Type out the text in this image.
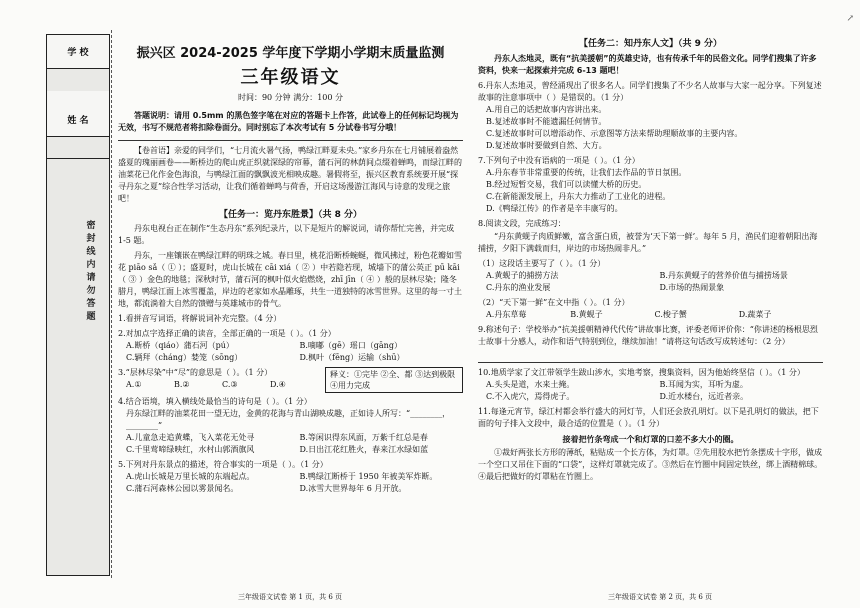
↗
学 校
姓 名
密 封 线 内 请 勿 答 题
振兴区 2024-2025 学年度下学期小学期末质量监测
三年级语文
时间：90 分钟 满分：100 分
答题说明：请用 0.5mm 的黑色签字笔在对应的答题卡上作答，此试卷上的任何标记均视为无效，书写不规范者将扣除卷面分。同时别忘了本次考试有 5 分试卷书写分哦！
【卷首语】亲爱的同学们，“七月流火暑气扬，鸭绿江畔夏未央。”家乡丹东在七月铺展着盎然盛夏的瑰丽画卷——断桥边的爬山虎正织就深绿的帘幕，蒲石河的林荫间点缀着蝉鸣，而绿江畔的油菜花已化作金色海浪，与鸭绿江面的飘飘波光相映成趣。暑假将至，振兴区教育系统要开展“探寻丹东之夏”综合性学习活动，让我们循着蝉鸣与荷香，开启这场漫游江海风与诗意的发现之旅吧！
【任务一：览丹东胜景】（共 8 分）
丹东电视台正在制作“生态丹东”系列纪录片，以下是短片的解说词，请你帮忙完善，并完成 1-5 题。
丹东，一座镶嵌在鸭绿江畔的明珠之城。春日里，桃花沿断桥蜿蜒，微风拂过，粉色花瓣如雪花 piāo sǎ（ ① ）；盛夏时，虎山长城在 cāi xiá（ ② ）中若隐若现，城墙下的蒲公英正 pū kāi（ ③ ）金色的地毯；深秋时节，蒲石河的枫叶似火焰燃烧，zhī jīn（ ④ ）般的层林尽染；隆冬腊月，鸭绿江面上冰雪覆盖，岸边的老家如水晶雕琢，共生一道独特的冰雪世界。这里的每一寸土地，都流淌着大自然的馈赠与英雄城市的骨气。
1.看拼音写词语，将解说词补充完整。（4 分）
2.对加点字选择正确的读音，全部正确的一项是（ ）。（1 分）
A.断桥（qiáo）蒲石河（pú）	B.嘀嘟（gē）瑶口（gāng）
C.辆拜（cháng）婪笼（sōng）	D.枫叶（fēng）运输（shū）
3.“层林尽染”中“尽”的意思是（ ）。（1 分）
A.①	B.②	C.③	D.④
释义：①完毕 ②全、都 ③达到极限 ④用力完成
4.结合语境，填入横线处最恰当的诗句是（ ）。（1 分）
丹东绿江畔的油菜花田一望无边，金黄的花海与青山湖映成趣，正如诗人所写：“________，________”
A.儿童急走追黄蝶，飞入菜花无处寻	B.等闲识得东风面，万紫千红总是春
C.千里莺啼绿映红，水村山郭酒旗风	D.日出江花红胜火，春来江水绿如蓝
5.下列对丹东景点的描述，符合事实的一项是（ ）。（1 分）
A.虎山长城是万里长城的东端起点。	B.鸭绿江断桥于 1950 年被美军炸断。
C.蒲石河森林公园以雾景闻名。	D.冰雪大世界每年 6 月开放。
【任务二：知丹东人文】（共 9 分）
丹东人杰地灵，既有“抗美援朝”的英雄史诗，也有传承千年的民俗文化。同学们搜集了许多资料，快来一起探索并完成 6-13 题吧！
6.丹东人杰地灵，曾经涌现出了很多名人。同学们搜集了不少名人故事与大家一起分享。下列复述故事的注意事项中（ ）是错误的。（1 分）
A.用自己的话把故事内容讲出来。
B.复述故事时不能遗漏任何情节。
C.复述故事时可以增添动作、示意图等方法来帮助理顺故事的主要内容。
D.复述故事时要做到自然、大方。
7.下列句子中没有语病的一项是（ ）。（1 分）
A.丹东春节非常重要的传统，让我们去作品的节日氛围。
B.经过短暂交易，我们可以读懂大桥的历史。
C.在新能源发展上，丹东大力推动了工业化的进程。
D.《鸭绿江传》的作者是辛丰康写的。
8.阅读文段，完成练习：
“丹东黄蚬子肉质鲜嫩，富含蛋白质，被誉为‘天下第一鲜’。每年 5 月，渔民们迎着朝阳出海捕捞，夕阳下满载而归，岸边的市场热闹非凡。”
（1）这段话主要写了（ ）。（1 分）
A.黄蚬子的捕捞方法	B.丹东黄蚬子的营养价值与捕捞场景
C.丹东的渔业发展	D.市场的热闹景象
（2）“天下第一鲜”在文中指（ ）。（1 分）
A.丹东草莓	B.黄蚬子	C.梭子蟹	D.蔬菜子
9.称述句子：学校举办“抗美援朝精神代代传”讲故事比赛，评委老师评价你：“你讲述的杨根思烈士故事十分感人，动作和语气特别到位，继续加油！”请将这句话改写成转述句：（2 分）
10.地质学家了文江带领学生跋山涉水，实地考察，搜集资料，因为他始终坚信（ ）。（1 分）
A.头头是道，水来土掩。	B.耳闻为实，耳听为虚。
C.不入虎穴，焉得虎子。	D.近水楼台，远近者亲。
11.每逢元宵节，绿江村都会举行盛大的河灯节，人们还会放孔明灯。以下是孔明灯的做法，把下面的句子排入文段中，最合适的位置是（ ）。（1 分）
接着把竹条弯成一个和灯罩的口差不多大小的圈。
①裁好两张长方形的薄纸，粘贴成一个长方体，为灯罩。②先用胶水把竹条摆成十字形，做成一个空口又吊住下面的“口袋”，这样灯罩就完成了。③然后在竹圈中间固定铁丝，绑上酒精棉球。④最后把做好的灯罩粘在竹圈上。
三年级语文试卷 第 1 页，共 6 页	三年级语文试卷 第 2 页，共 6 页
